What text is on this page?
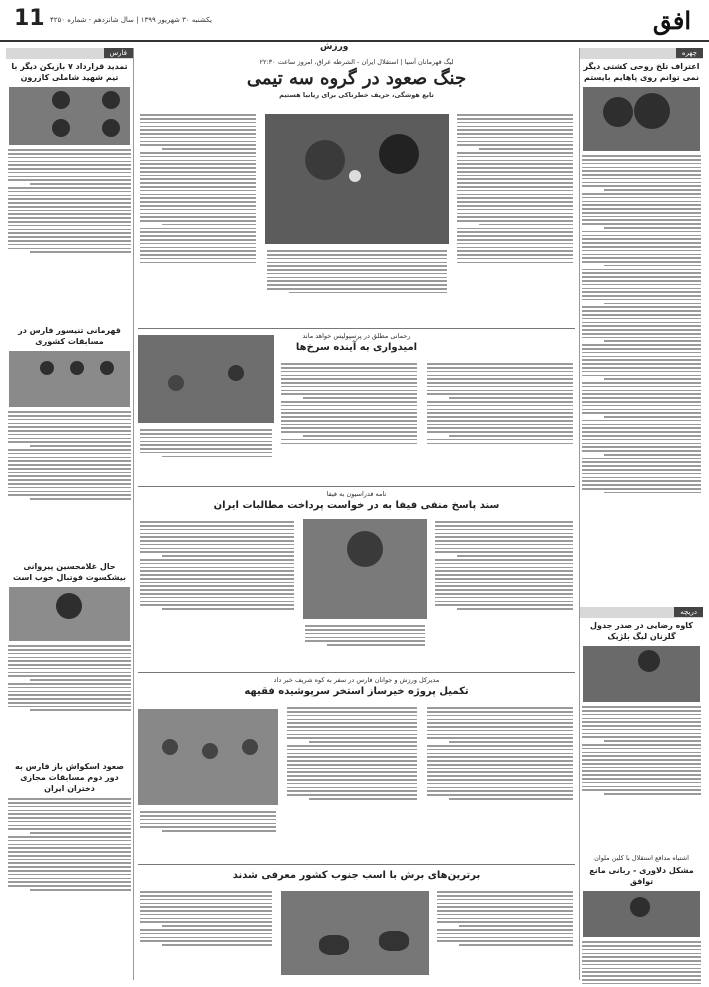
افق
11 یکشنبه ۳۰ شهریور ۱۳۹۹ | سال شانزدهم - شماره ۴۲۵۰
ورزش
چهره
اعتراف تلخ روحی کشتی دیگر نمی توانم روی پاهایم بایستم
دریچه
کاوه رضایی در صدر جدول گلزنان لیگ بلژیک
اشتباه مدافع استقلال با کلین ملوان
مشکل دلاوری - ربانی مانع توافق
فارس
تمدید قرارداد ۷ بازیکن دیگر با تیم شهید شاملی کازرون
قهرمانی تنیسور فارس در مسابقات کشوری
حال غلامحسین پیروانی بیشکسوت فوتبال خوب است
صعود اسکواش باز فارس به دور دوم مسابقات مجازی دختران ایران
لیگ قهرمانان آسیا | استقلال ایران - الشرطه عراق، امروز ساعت ۲۲:۳۰
جنگ صعود در گروه سه تیمی
تابع هوشگی، حریف خطرناکی برای ریانیا هستیم
رحمانی مطلق در پرسپولیس خواهد ماند
امیدواری به آینده سرخ‌ها
نامه فدراسیون به فیفا
سند پاسخ منفی فیفا به در خواست پرداخت مطالبات ایران
مدیرکل ورزش و جوانان فارس در سفر به کوه شریف خبر داد
تکمیل پروژه خیرساز استخر سرپوشیده فقیهه
برترین‌های برش با اسب جنوب کشور معرفی شدند
